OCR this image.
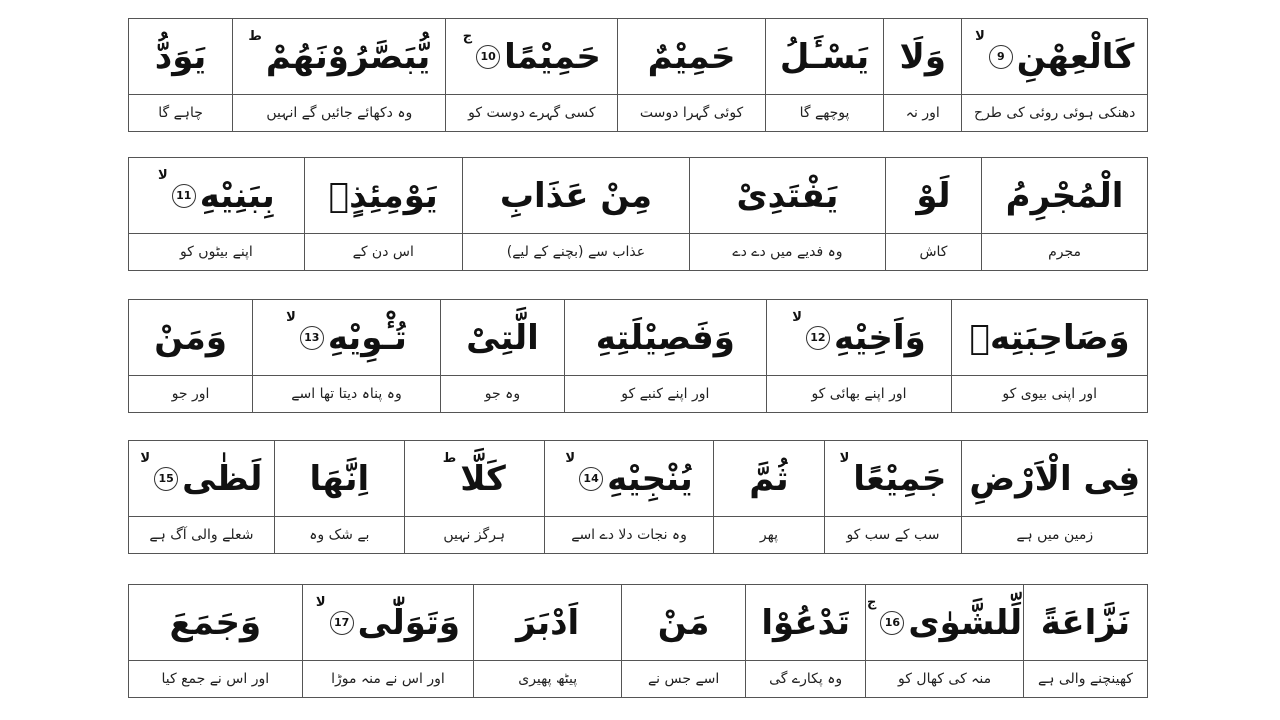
كَالْعِهْنِ
9
لا
دھنکی ہوئی روئی کی طرح
وَلَا
اور نہ
يَسْـَٔلُ
پوچھے گا
حَمِيْمٌ
کوئی گہرا دوست
حَمِيْمًا
10
ج
کسی گہرے دوست کو
يُّبَصَّرُوْنَهُمْ
ط
وہ دکھائے جائیں گے انہیں
يَوَدُّ
چاہے گا
الْمُجْرِمُ
مجرم
لَوْ
کاش
يَفْتَدِىْ
وہ فدیے میں دے دے
مِنْ عَذَابِ
عذاب سے (بچنے کے لیے)
يَوْمِئِذٍۢ
اس دن کے
بِبَنِيْهِ
11
لا
اپنے بیٹوں کو
وَصَاحِبَتِهٖ
اور اپنی بیوی کو
وَاَخِيْهِ
12
لا
اور اپنے بھائی کو
وَفَصِيْلَتِهِ
اور اپنے کنبے کو
الَّتِىْ
وہ جو
تُـْٔوِيْهِ
13
لا
وہ پناہ دیتا تھا اسے
وَمَنْ
اور جو
فِى الْاَرْضِ
زمین میں ہے
جَمِيْعًا
لا
سب کے سب کو
ثُمَّ
پھر
يُنْجِيْهِ
14
لا
وہ نجات دلا دے اسے
كَلَّا
ط
ہرگز نہیں
اِنَّهَا
بے شک وہ
لَظٰى
15
لا
شعلے والی آگ ہے
نَزَّاعَةً
کھینچنے والی ہے
لِّلشَّوٰى
16
ج
منہ کی کھال کو
تَدْعُوْا
وہ پکارے گی
مَنْ
اسے جس نے
اَدْبَرَ
پیٹھ پھیری
وَتَوَلّٰى
17
لا
اور اس نے منہ موڑا
وَجَمَعَ
اور اس نے جمع کیا
